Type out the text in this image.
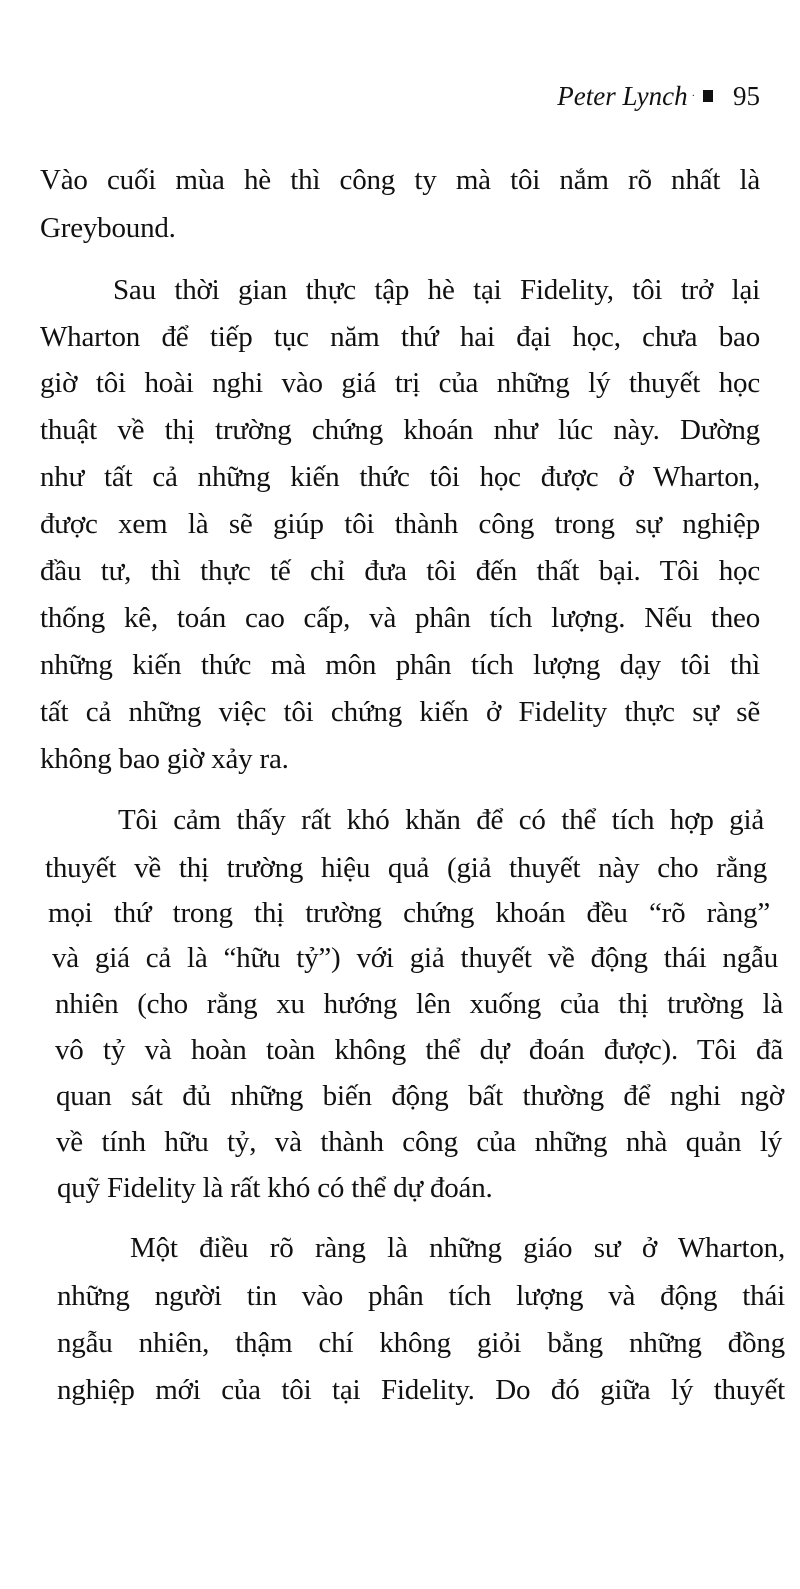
Peter Lynch · 95
Vào cuối mùa hè thì công ty mà tôi nắm rõ nhất là
Greybound.
Sau thời gian thực tập hè tại Fidelity, tôi trở lại
Wharton để tiếp tục năm thứ hai đại học, chưa bao
giờ tôi hoài nghi vào giá trị của những lý thuyết học
thuật về thị trường chứng khoán như lúc này. Dường
như tất cả những kiến thức tôi học được ở Wharton,
được xem là sẽ giúp tôi thành công trong sự nghiệp
đầu tư, thì thực tế chỉ đưa tôi đến thất bại. Tôi học
thống kê, toán cao cấp, và phân tích lượng. Nếu theo
những kiến thức mà môn phân tích lượng dạy tôi thì
tất cả những việc tôi chứng kiến ở Fidelity thực sự sẽ
không bao giờ xảy ra.
Tôi cảm thấy rất khó khăn để có thể tích hợp giả
thuyết về thị trường hiệu quả (giả thuyết này cho rằng
mọi thứ trong thị trường chứng khoán đều “rõ ràng”
và giá cả là “hữu tỷ”) với giả thuyết về động thái ngẫu
nhiên (cho rằng xu hướng lên xuống của thị trường là
vô tỷ và hoàn toàn không thể dự đoán được). Tôi đã
quan sát đủ những biến động bất thường để nghi ngờ
về tính hữu tỷ, và thành công của những nhà quản lý
quỹ Fidelity là rất khó có thể dự đoán.
Một điều rõ ràng là những giáo sư ở Wharton,
những người tin vào phân tích lượng và động thái
ngẫu nhiên, thậm chí không giỏi bằng những đồng
nghiệp mới của tôi tại Fidelity. Do đó giữa lý thuyết
